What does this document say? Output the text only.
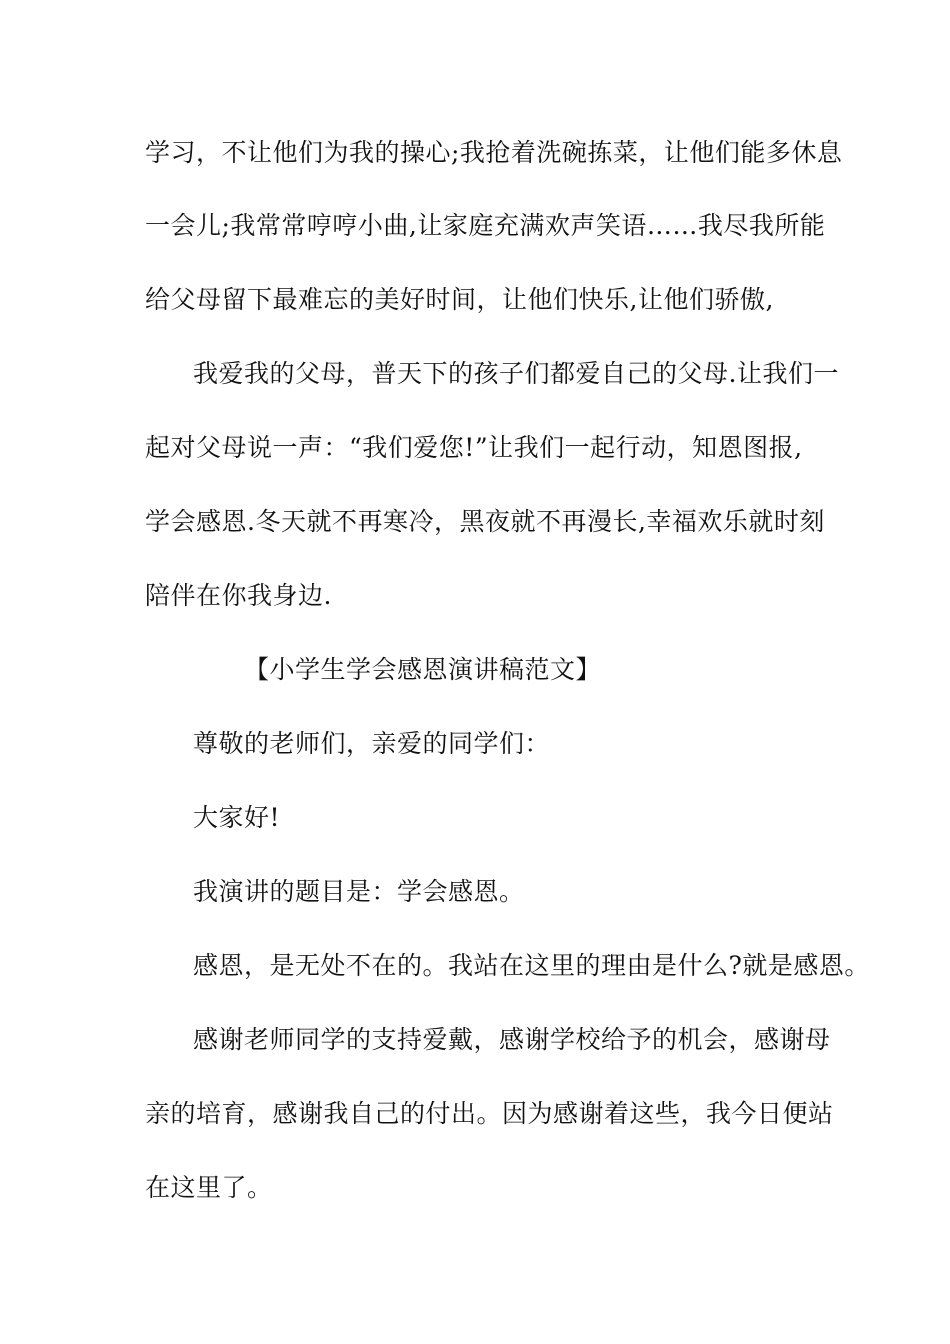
学习，不让他们为我的操心;我抢着洗碗拣菜，让他们能多休息
一会儿;我常常哼哼小曲,让家庭充满欢声笑语……我尽我所能
给父母留下最难忘的美好时间，让他们快乐,让他们骄傲,
我爱我的父母，普天下的孩子们都爱自己的父母.让我们一
起对父母说一声：“我们爱您!”让我们一起行动，知恩图报,
学会感恩.冬天就不再寒冷，黑夜就不再漫长,幸福欢乐就时刻
陪伴在你我身边.
【小学生学会感恩演讲稿范文】
尊敬的老师们，亲爱的同学们：
大家好!
我演讲的题目是：学会感恩。
感恩，是无处不在的。我站在这里的理由是什么?就是感恩。
感谢老师同学的支持爱戴，感谢学校给予的机会，感谢母
亲的培育，感谢我自己的付出。因为感谢着这些，我今日便站
在这里了。
